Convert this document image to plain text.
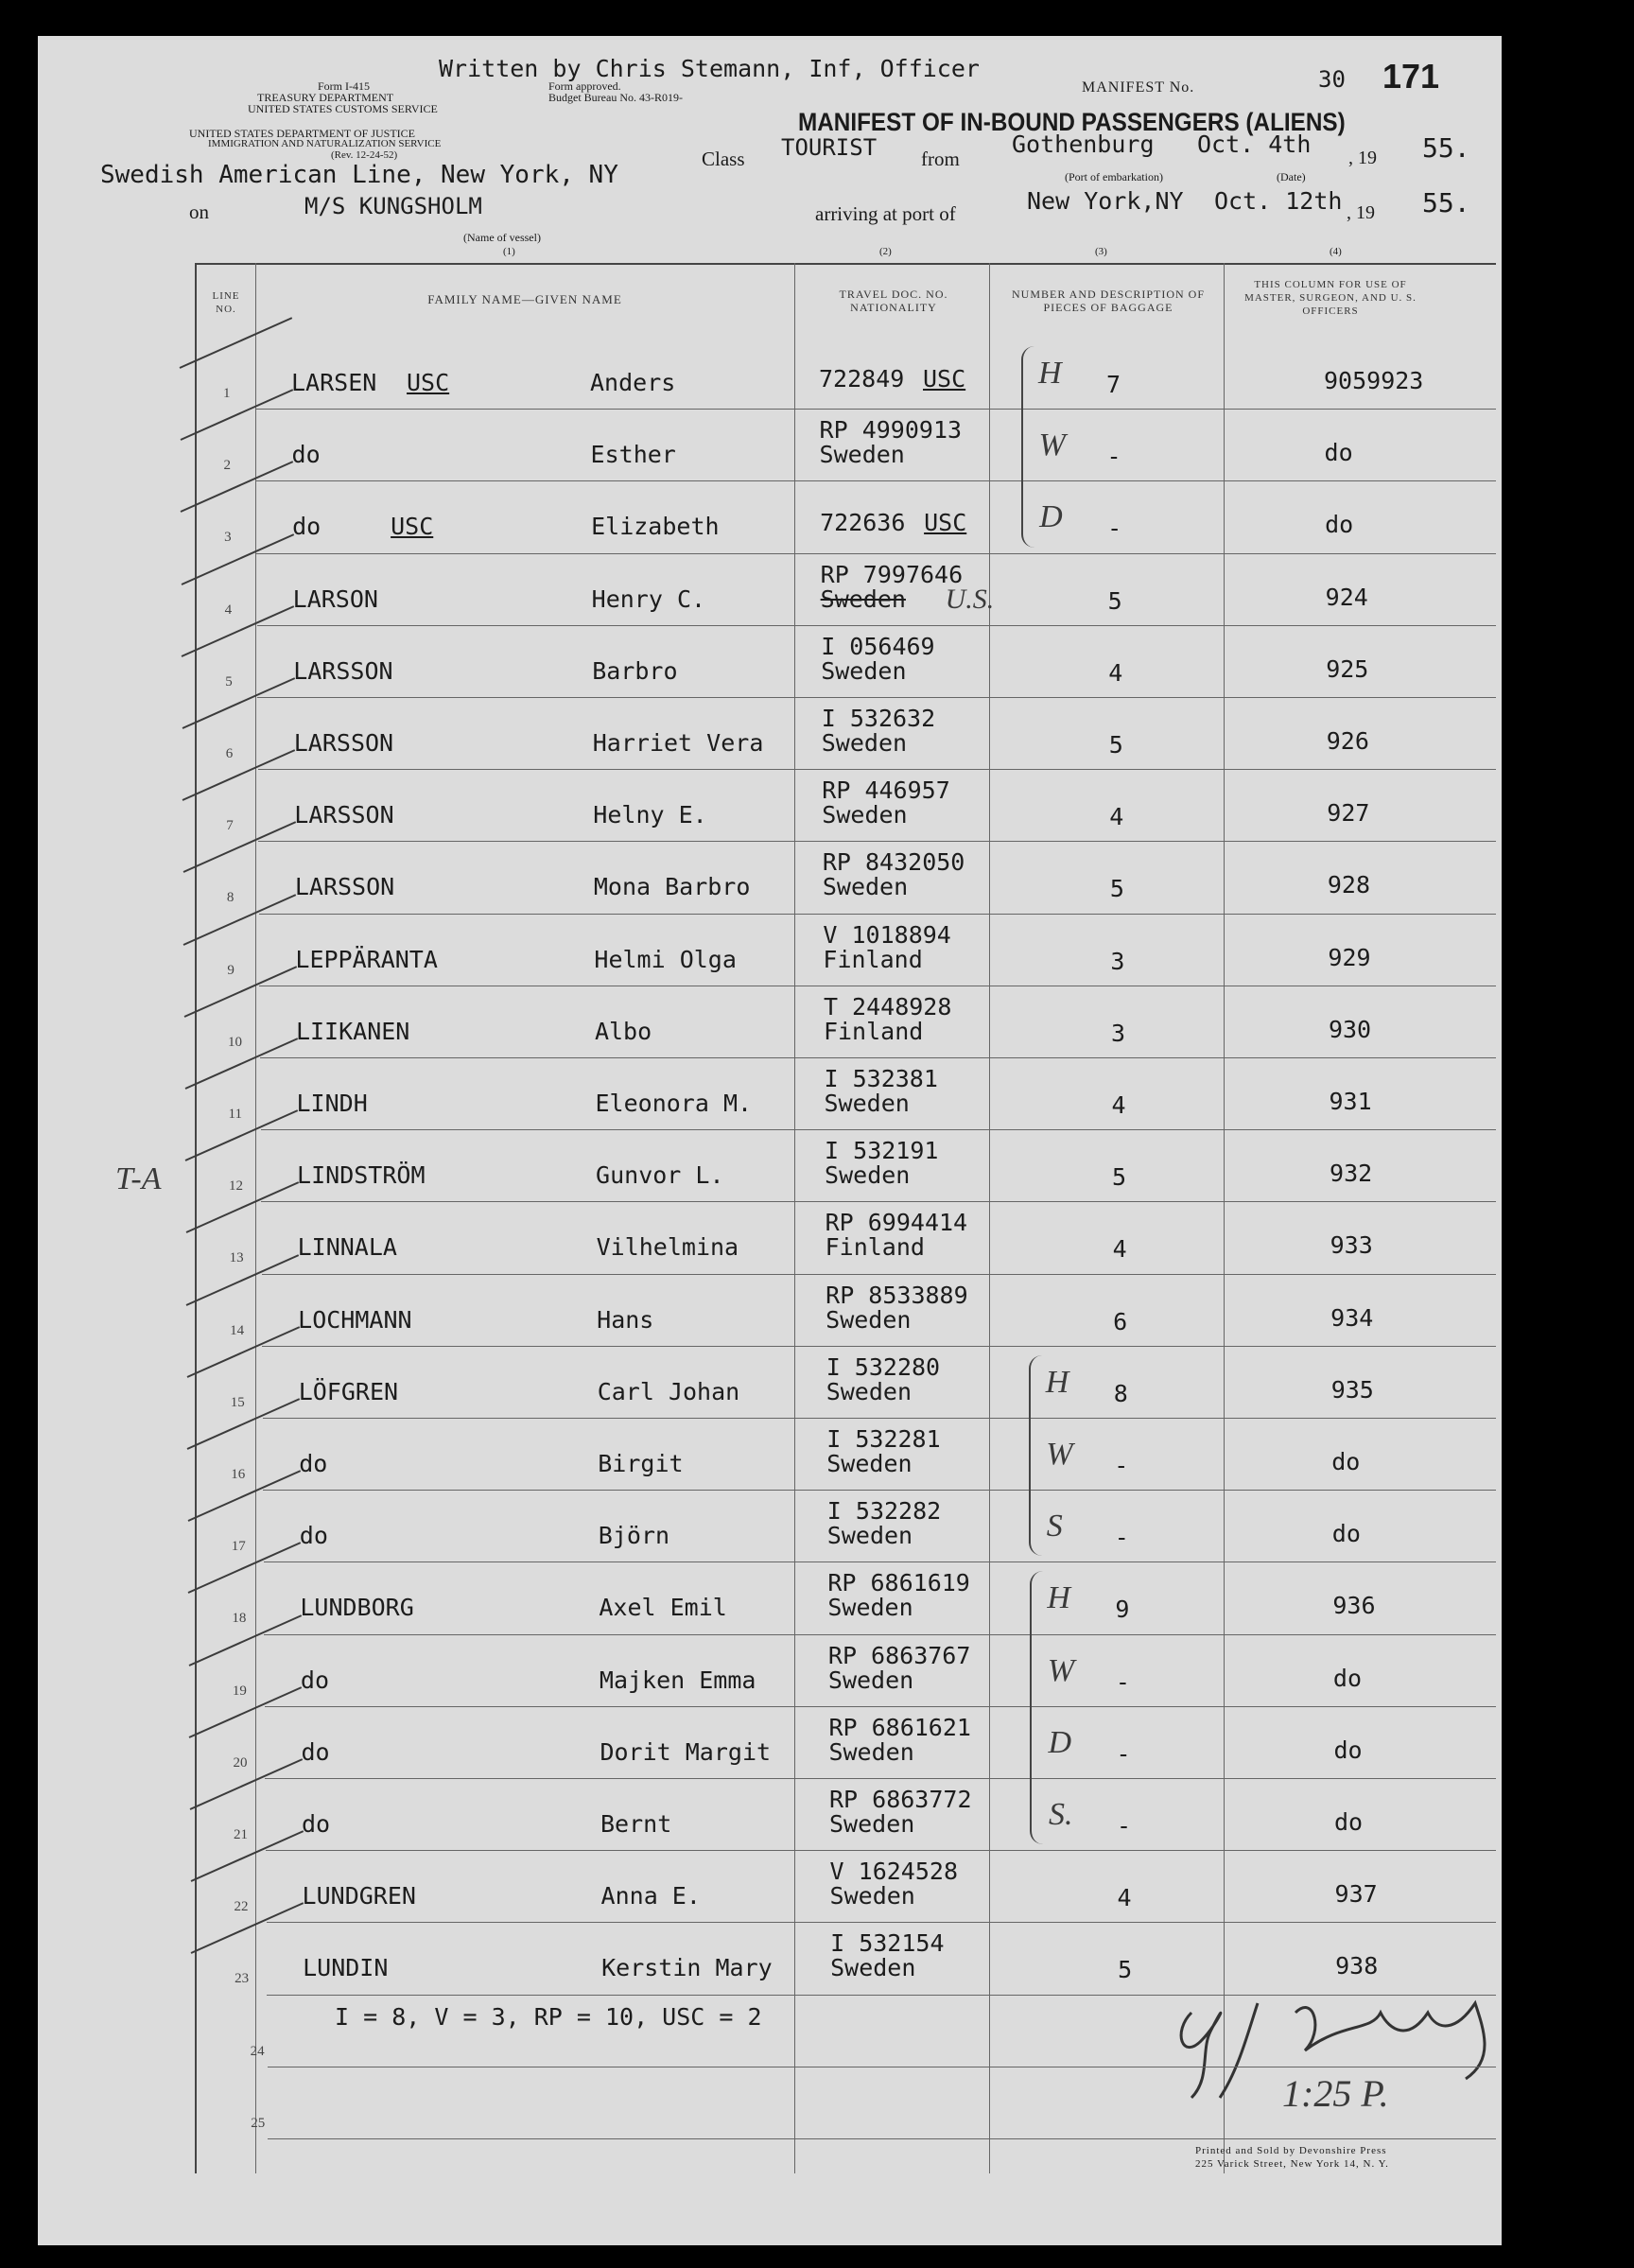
Written by Chris Stemann, Inf, Officer
Form I-415
TREASURY DEPARTMENT
UNITED STATES CUSTOMS SERVICE
Form approved.
Budget Bureau No. 43-R019-
UNITED STATES DEPARTMENT OF JUSTICE
IMMIGRATION AND NATURALIZATION SERVICE
(Rev. 12-24-52)
MANIFEST No.	30 171
MANIFEST OF IN-BOUND PASSENGERS (ALIENS)
Class TOURIST from
Gothenburg Oct. 4th , 19 55.
Swedish American Line, New York, NY
on	M/S KUNGSHOLM
(Name of vessel)
(1)
arriving at port of
(Port of embarkation)	(Date)
New York,NY Oct. 12th , 19 55.
(2)	(3)	(4)
LINE NO.
FAMILY NAME—GIVEN NAME	TRAVEL DOC. NO. NATIONALITY
NUMBER AND DESCRIPTION OF PIECES OF BAGGAGE
THIS COLUMN FOR USE OF MASTER, SURGEON, AND U. S. OFFICERS
I = 8, V = 3, RP = 10, USC = 2
T-A
1:25 P.
Printed and Sold by Devonshire Press
225 Varick Street, New York 14, N. Y.
1	LARSEN USC	Anders	722849 USC H 7	9059923
2	do	Esther
RP 4990913
Sweden	W -	do
3	do	USC	Elizabeth	722636 USC D -	do
4	LARSON	Henry C.
RP 7997646
Sweden U.S.	5	924
5	LARSSON	Barbro
I 056469
Sweden	4	925
6	LARSSON	Harriet Vera
I 532632
Sweden	5	926
7	LARSSON	Helny E.
RP 446957
Sweden	4	927
8	LARSSON	Mona Barbro
RP 8432050
Sweden	5	928
9	LEPPÄRANTA	Helmi Olga
V 1018894
Finland	3	929
10 LIIKANEN	Albo
T 2448928
Finland	3	930
11 LINDH	Eleonora M.
I 532381
Sweden	4	931
12 LINDSTRÖM	Gunvor L.
I 532191
Sweden	5	932
13 LINNALA	Vilhelmina
RP 6994414
Finland	4	933
14 LOCHMANN	Hans
RP 8533889
Sweden	6	934
15 LÖFGREN	Carl Johan
I 532280
Sweden	H 8	935
16 do	Birgit
I 532281
Sweden	W -	do
17 do	Björn
I 532282
Sweden	S -	do
18 LUNDBORG	Axel Emil
RP 6861619
Sweden	H 9	936
19 do	Majken Emma
RP 6863767
Sweden	W -	do
20 do	Dorit Margit
RP 6861621
Sweden	D -	do
21 do	Bernt
RP 6863772
Sweden	S. -	do
22 LUNDGREN	Anna E.
V 1624528
Sweden	4	937
23 LUNDIN	Kerstin Mary
I 532154
Sweden	5	938
24
25
